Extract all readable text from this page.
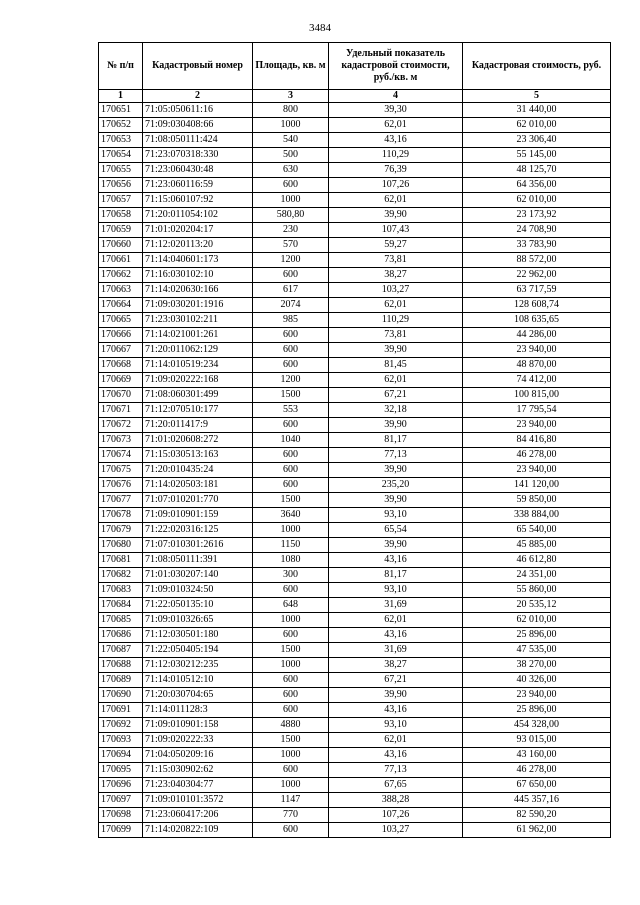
3484
№ п/п	Кадастровый номер	Площадь, кв. м	Удельный показатель кадастровой стоимости, руб./кв. м	Кадастровая стоимость, руб.
1	2	3	4	5
170651	71:05:050611:16	800	39,30	31 440,00
170652	71:09:030408:66	1000	62,01	62 010,00
170653	71:08:050111:424	540	43,16	23 306,40
170654	71:23:070318:330	500	110,29	55 145,00
170655	71:23:060430:48	630	76,39	48 125,70
170656	71:23:060116:59	600	107,26	64 356,00
170657	71:15:060107:92	1000	62,01	62 010,00
170658	71:20:011054:102	580,80	39,90	23 173,92
170659	71:01:020204:17	230	107,43	24 708,90
170660	71:12:020113:20	570	59,27	33 783,90
170661	71:14:040601:173	1200	73,81	88 572,00
170662	71:16:030102:10	600	38,27	22 962,00
170663	71:14:020630:166	617	103,27	63 717,59
170664	71:09:030201:1916	2074	62,01	128 608,74
170665	71:23:030102:211	985	110,29	108 635,65
170666	71:14:021001:261	600	73,81	44 286,00
170667	71:20:011062:129	600	39,90	23 940,00
170668	71:14:010519:234	600	81,45	48 870,00
170669	71:09:020222:168	1200	62,01	74 412,00
170670	71:08:060301:499	1500	67,21	100 815,00
170671	71:12:070510:177	553	32,18	17 795,54
170672	71:20:011417:9	600	39,90	23 940,00
170673	71:01:020608:272	1040	81,17	84 416,80
170674	71:15:030513:163	600	77,13	46 278,00
170675	71:20:010435:24	600	39,90	23 940,00
170676	71:14:020503:181	600	235,20	141 120,00
170677	71:07:010201:770	1500	39,90	59 850,00
170678	71:09:010901:159	3640	93,10	338 884,00
170679	71:22:020316:125	1000	65,54	65 540,00
170680	71:07:010301:2616	1150	39,90	45 885,00
170681	71:08:050111:391	1080	43,16	46 612,80
170682	71:01:030207:140	300	81,17	24 351,00
170683	71:09:010324:50	600	93,10	55 860,00
170684	71:22:050135:10	648	31,69	20 535,12
170685	71:09:010326:65	1000	62,01	62 010,00
170686	71:12:030501:180	600	43,16	25 896,00
170687	71:22:050405:194	1500	31,69	47 535,00
170688	71:12:030212:235	1000	38,27	38 270,00
170689	71:14:010512:10	600	67,21	40 326,00
170690	71:20:030704:65	600	39,90	23 940,00
170691	71:14:011128:3	600	43,16	25 896,00
170692	71:09:010901:158	4880	93,10	454 328,00
170693	71:09:020222:33	1500	62,01	93 015,00
170694	71:04:050209:16	1000	43,16	43 160,00
170695	71:15:030902:62	600	77,13	46 278,00
170696	71:23:040304:77	1000	67,65	67 650,00
170697	71:09:010101:3572	1147	388,28	445 357,16
170698	71:23:060417:206	770	107,26	82 590,20
170699	71:14:020822:109	600	103,27	61 962,00
